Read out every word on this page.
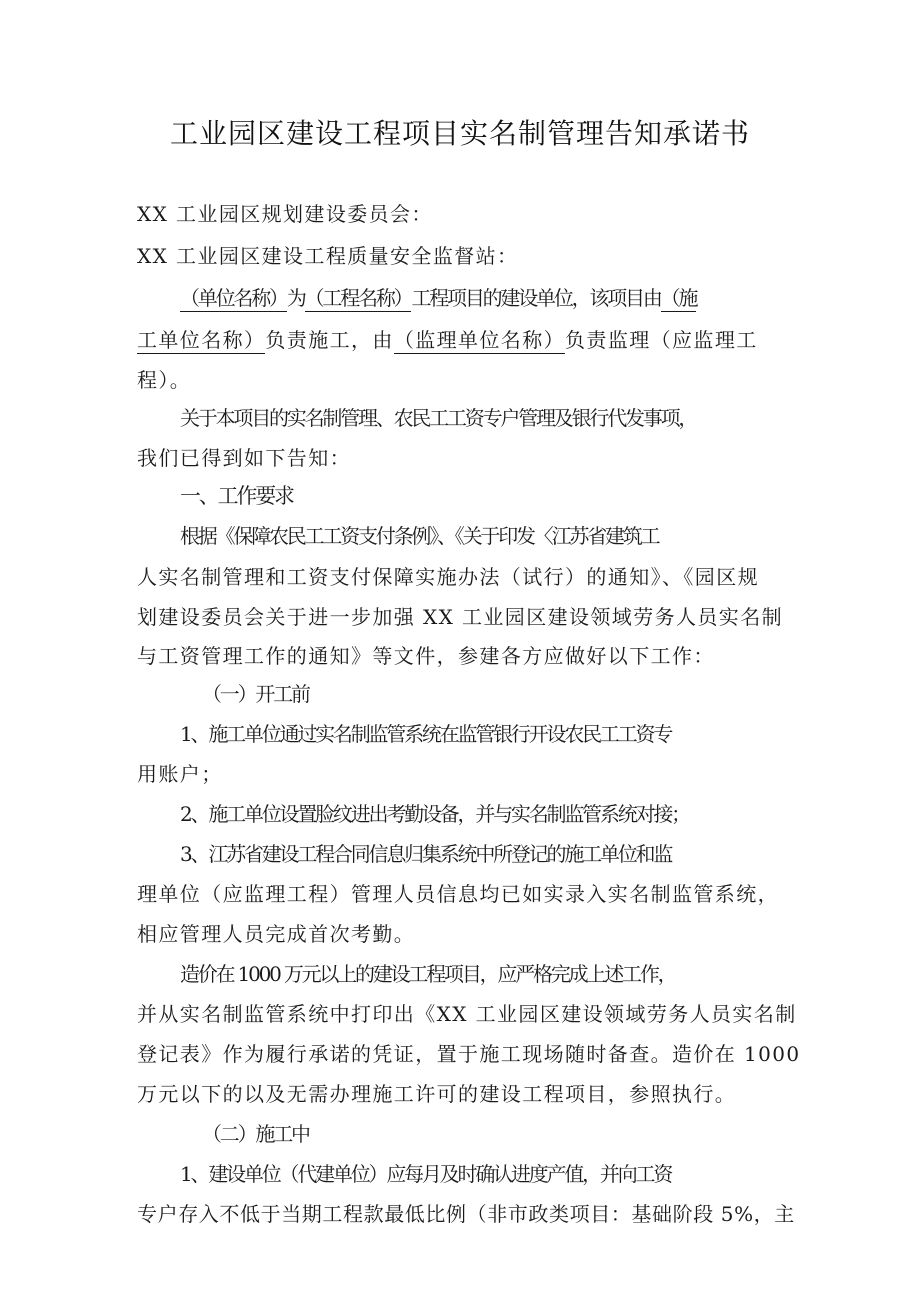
工业园区建设工程项目实名制管理告知承诺书
XX 工业园区规划建设委员会：
XX 工业园区建设工程质量安全监督站：
（单位名称）为（工程名称）工程项目的建设单位，该项目由（施
工单位名称）负责施工，由（监理单位名称）负责监理（应监理工
程）。
关于本项目的实名制管理、农民工工资专户管理及银行代发事项，
我们已得到如下告知：
一、工作要求
根据《保障农民工工资支付条例》、《关于印发〈江苏省建筑工
人实名制管理和工资支付保障实施办法（试行）的通知》、《园区规
划建设委员会关于进一步加强 XX 工业园区建设领域劳务人员实名制
与工资管理工作的通知》等文件，参建各方应做好以下工作：
（一）开工前
1、施工单位通过实名制监管系统在监管银行开设农民工工资专
用账户；
2、施工单位设置脸纹进出考勤设备，并与实名制监管系统对接；
3、江苏省建设工程合同信息归集系统中所登记的施工单位和监
理单位（应监理工程）管理人员信息均已如实录入实名制监管系统，
相应管理人员完成首次考勤。
造价在 1000 万元以上的建设工程项目，应严格完成上述工作，
并从实名制监管系统中打印出《XX 工业园区建设领域劳务人员实名制
登记表》作为履行承诺的凭证，置于施工现场随时备查。造价在 1000
万元以下的以及无需办理施工许可的建设工程项目，参照执行。
（二）施工中
1、建设单位（代建单位）应每月及时确认进度产值，并向工资
专户存入不低于当期工程款最低比例（非市政类项目：基础阶段 5%，主
